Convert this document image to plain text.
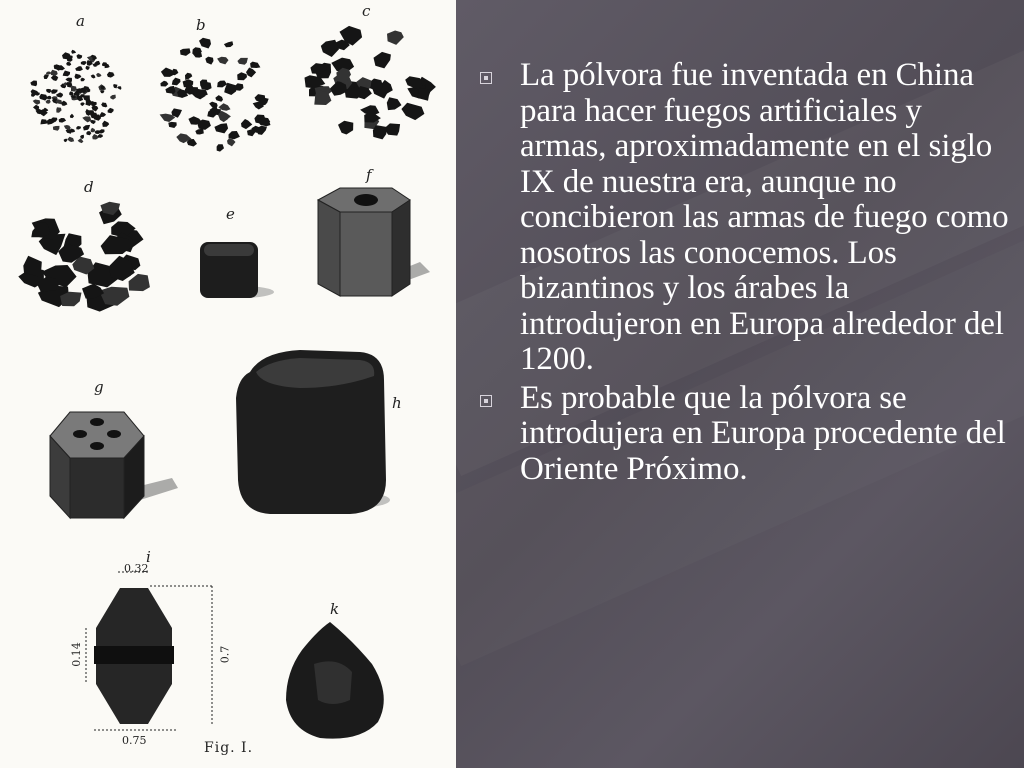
a	b
c
d
e
f
g
h
i
k
0.32
0.7
0.75
0.14
Fig. I.
La pólvora fue inventada en China para hacer fuegos artificiales y armas, aproximadamente en el siglo IX de nuestra era, aunque no concibieron las armas de fuego como nosotros las conocemos. Los bizantinos y los árabes la introdujeron en Europa alrededor del 1200.
Es probable que la pólvora se introdujera en Europa procedente del Oriente Próximo.
